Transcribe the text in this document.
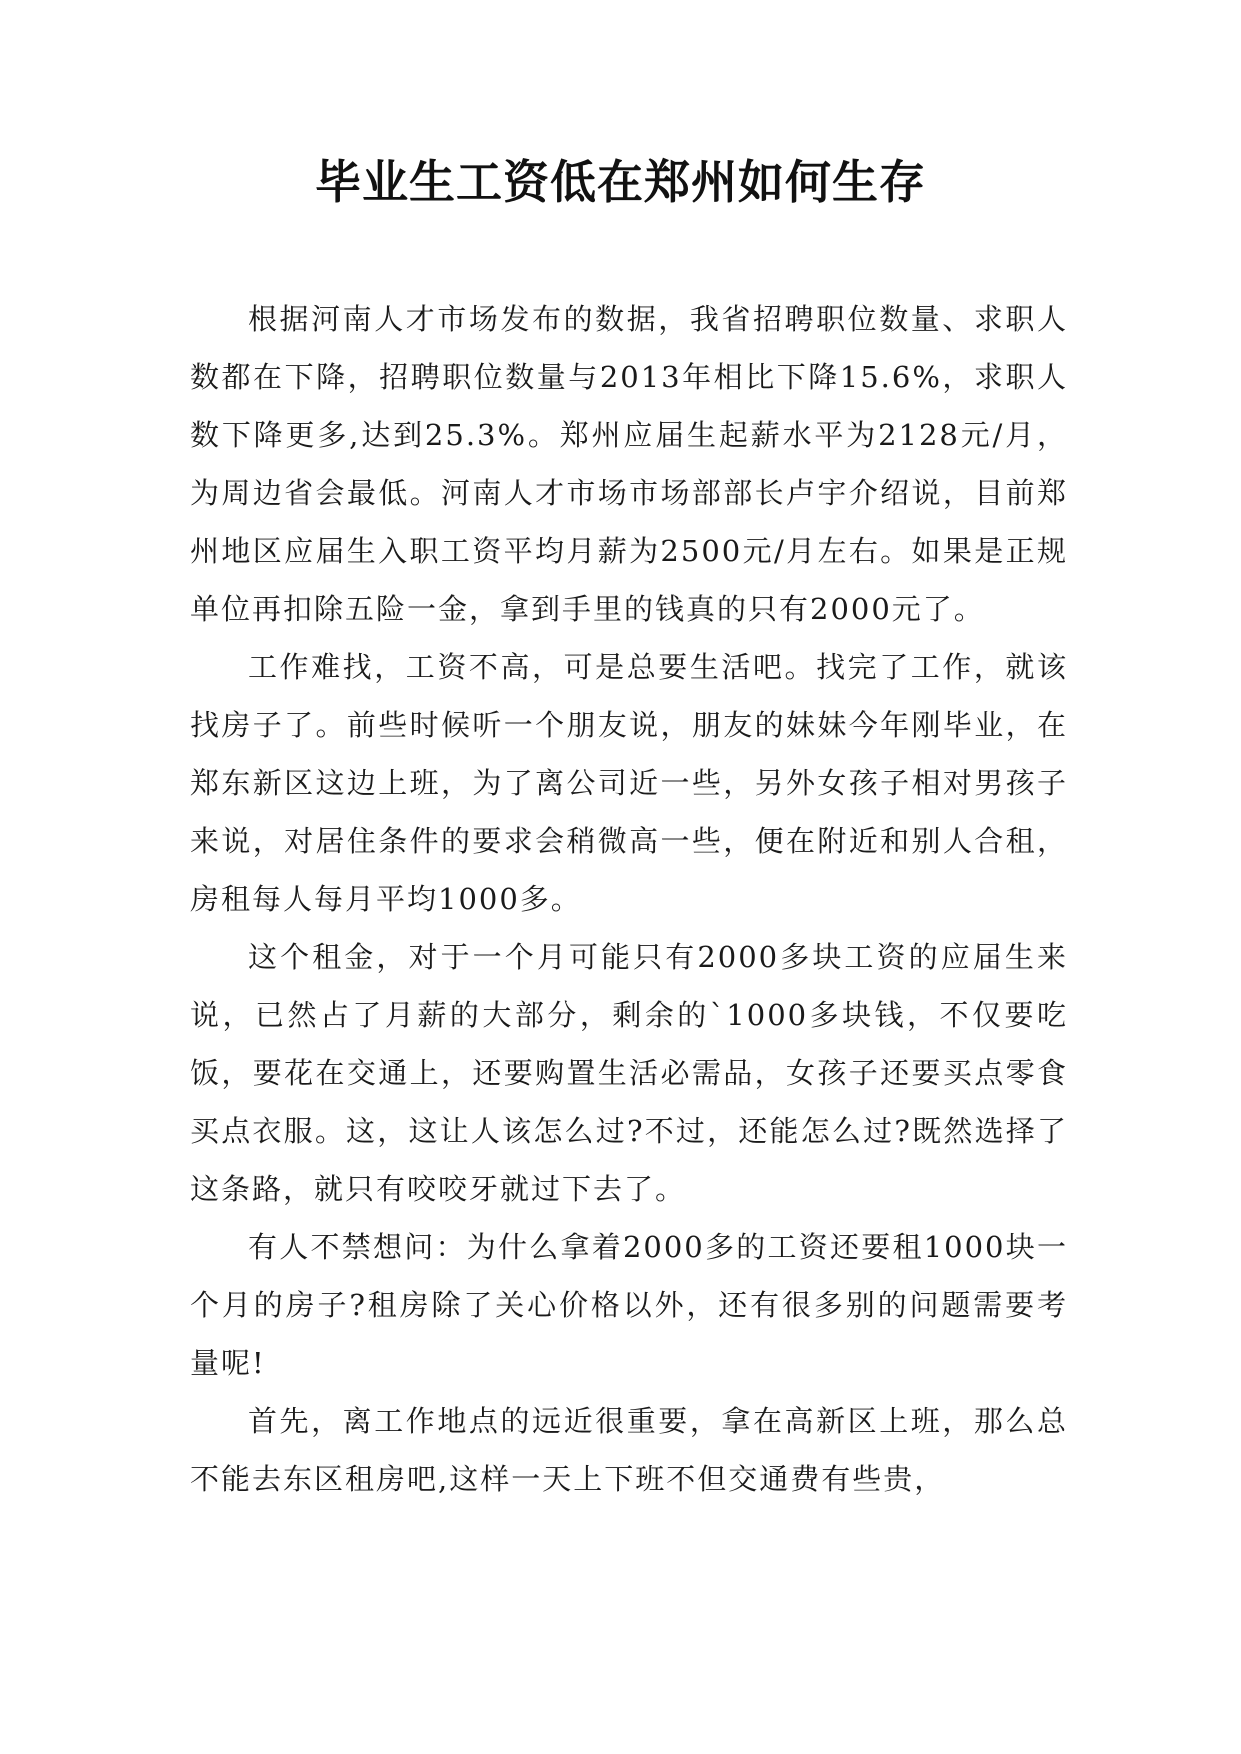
毕业生工资低在郑州如何生存

根据河南人才市场发布的数据，我省招聘职位数量、求职人数都在下降，招聘职位数量与2013年相比下降15.6%，求职人数下降更多,达到25.3%。郑州应届生起薪水平为2128元/月，为周边省会最低。河南人才市场市场部部长卢宇介绍说，目前郑州地区应届生入职工资平均月薪为2500元/月左右。如果是正规单位再扣除五险一金，拿到手里的钱真的只有2000元了。

工作难找，工资不高，可是总要生活吧。找完了工作，就该找房子了。前些时候听一个朋友说，朋友的妹妹今年刚毕业，在郑东新区这边上班，为了离公司近一些，另外女孩子相对男孩子来说，对居住条件的要求会稍微高一些，便在附近和别人合租，房租每人每月平均1000多。

这个租金，对于一个月可能只有2000多块工资的应届生来说，已然占了月薪的大部分，剩余的`1000多块钱，不仅要吃饭，要花在交通上，还要购置生活必需品，女孩子还要买点零食买点衣服。这，这让人该怎么过?不过，还能怎么过?既然选择了这条路，就只有咬咬牙就过下去了。

有人不禁想问：为什么拿着2000多的工资还要租1000块一个月的房子?租房除了关心价格以外，还有很多别的问题需要考量呢!

首先，离工作地点的远近很重要，拿在高新区上班，那么总不能去东区租房吧,这样一天上下班不但交通费有些贵，
